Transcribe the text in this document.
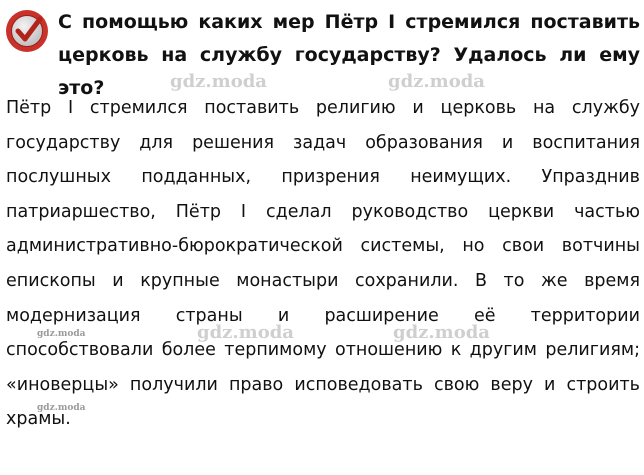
С помощью каких мер Пётр I стремился поставить церковь на службу государству? Удалось ли ему это?

Пётр I стремился поставить религию и церковь на службу государству для решения задач образования и воспитания послушных подданных, призрения неимущих. Упразднив патриаршество, Пётр I сделал руководство церкви частью административно-бюрократической системы, но свои вотчины епископы и крупные монастыри сохранили. В то же время модернизация страны и расширение её территории способствовали более терпимому отношению к другим религиям; «иноверцы» получили право исповедовать свою веру и строить храмы.

gdz.moda	gdz.moda
gdz.moda	gdz.moda
gdz.moda
gdz.moda
